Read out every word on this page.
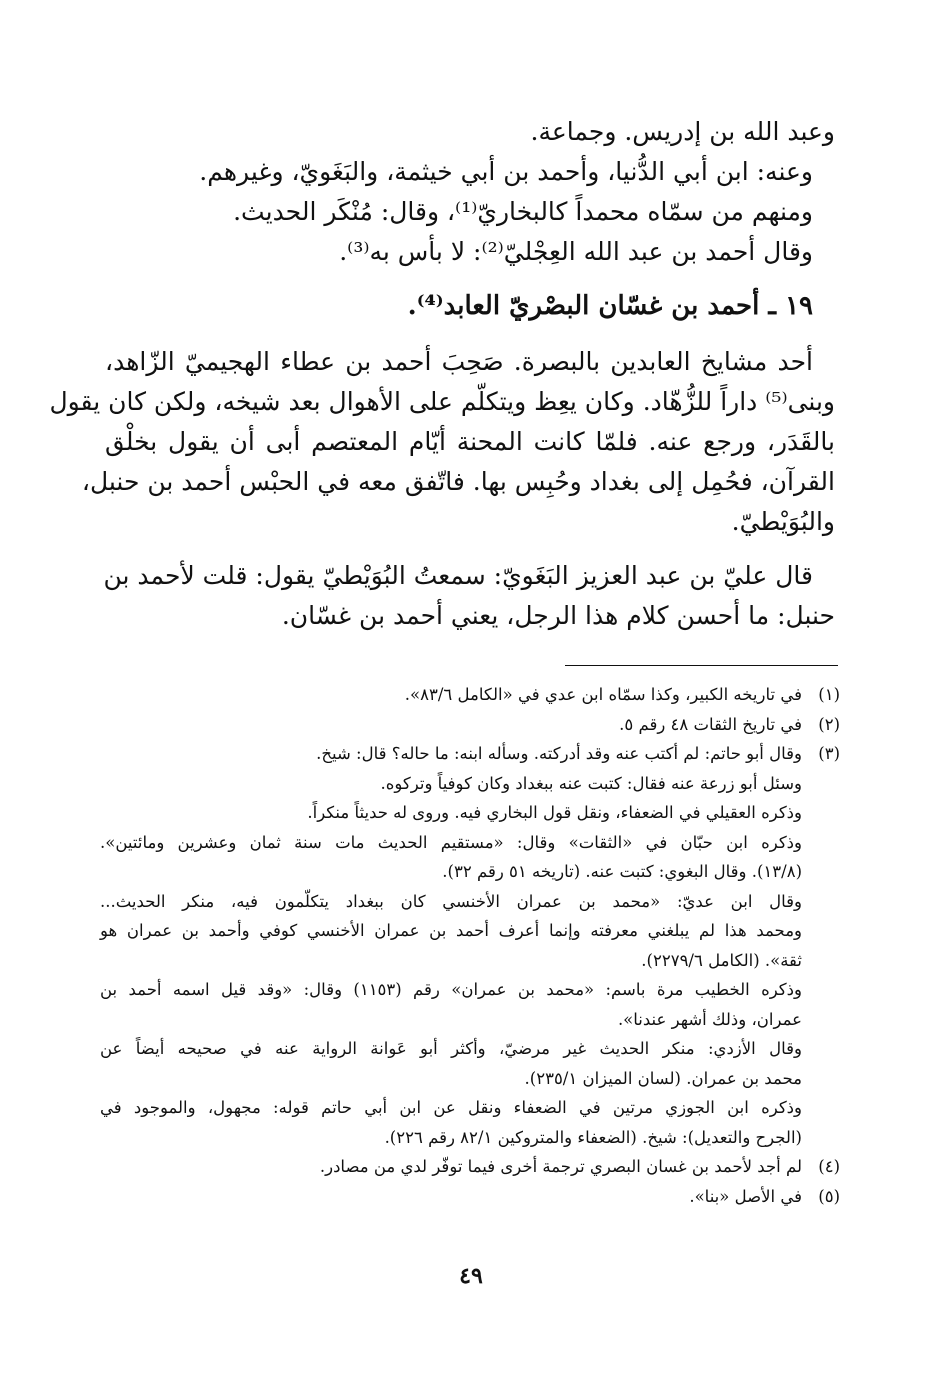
وعبد الله بن إدريس. وجماعة.
وعنه: ابن أبي الدُّنيا، وأحمد بن أبي خيثمة، والبَغَويّ، وغيرهم.
ومنهم من سمّاه محمداً كالبخاريّ⁽¹⁾، وقال: مُنْكَر الحديث.
وقال أحمد بن عبد الله العِجْليّ⁽²⁾: لا بأس به⁽³⁾.
١٩ ـ أحمد بن غسّان البصْريّ العابد⁽⁴⁾.
أحد مشايخ العابدين بالبصرة. صَحِبَ أحمد بن عطاء الهجيميّ الزّاهد،
وبنى⁽⁵⁾ داراً للزُّهّاد. وكان يعِظ ويتكلّم على الأهوال بعد شيخه، ولكن كان يقول
بالقَدَر، ورجع عنه. فلمّا كانت المحنة أيّام المعتصم أبى أن يقول بخلْق
القرآن، فحُمِل إلى بغداد وحُبِس بها. فاتّفق معه في الحبْس أحمد بن حنبل،
والبُوَيْطيّ.
قال عليّ بن عبد العزيز البَغَويّ: سمعتُ البُوَيْطيّ يقول: قلت لأحمد بن
حنبل: ما أحسن كلام هذا الرجل، يعني أحمد بن غسّان.
(١)في تاريخه الكبير، وكذا سمّاه ابن عدي في «الكامل ٨٣/٦».
(٢)في تاريخ الثقات ٤٨ رقم ٥.
(٣)وقال أبو حاتم: لم أكتب عنه وقد أدركته. وسأله ابنه: ما حاله؟ قال: شيخ.
وسئل أبو زرعة عنه فقال: كتبت عنه ببغداد وكان كوفياً وتركوه.
وذكره العقيلي في الضعفاء، ونقل قول البخاري فيه. وروى له حديثاً منكراً.
وذكره ابن حبّان في «الثقات» وقال: «مستقيم الحديث مات سنة ثمان وعشرين ومائتين».
(١٣/٨). وقال البغوي: كتبت عنه. (تاريخه ٥١ رقم ٣٢).
وقال ابن عديّ: «محمد بن عمران الأخنسي كان ببغداد يتكلّمون فيه، منكر الحديث...
ومحمد هذا لم يبلغني معرفته وإنما أعرف أحمد بن عمران الأخنسي كوفي وأحمد بن عمران هو
ثقة». (الكامل ٢٢٧٩/٦).
وذكره الخطيب مرة باسم: «محمد بن عمران» رقم (١١٥٣) وقال: «وقد قيل اسمه أحمد بن
عمران، وذلك أشهر عندنا».
وقال الأزدي: منكر الحديث غير مرضيّ، وأكثر أبو عَوانة الرواية عنه في صحيحه أيضاً عن
محمد بن عمران. (لسان الميزان ٢٣٥/١).
وذكره ابن الجوزي مرتين في الضعفاء ونقل عن ابن أبي حاتم قوله: مجهول، والموجود في
(الجرح والتعديل): شيخ. (الضعفاء والمتروكين ٨٢/١ رقم ٢٢٦).
(٤)لم أجد لأحمد بن غسان البصري ترجمة أخرى فيما توفّر لدي من مصادر.
(٥)في الأصل «بنا».
٤٩
